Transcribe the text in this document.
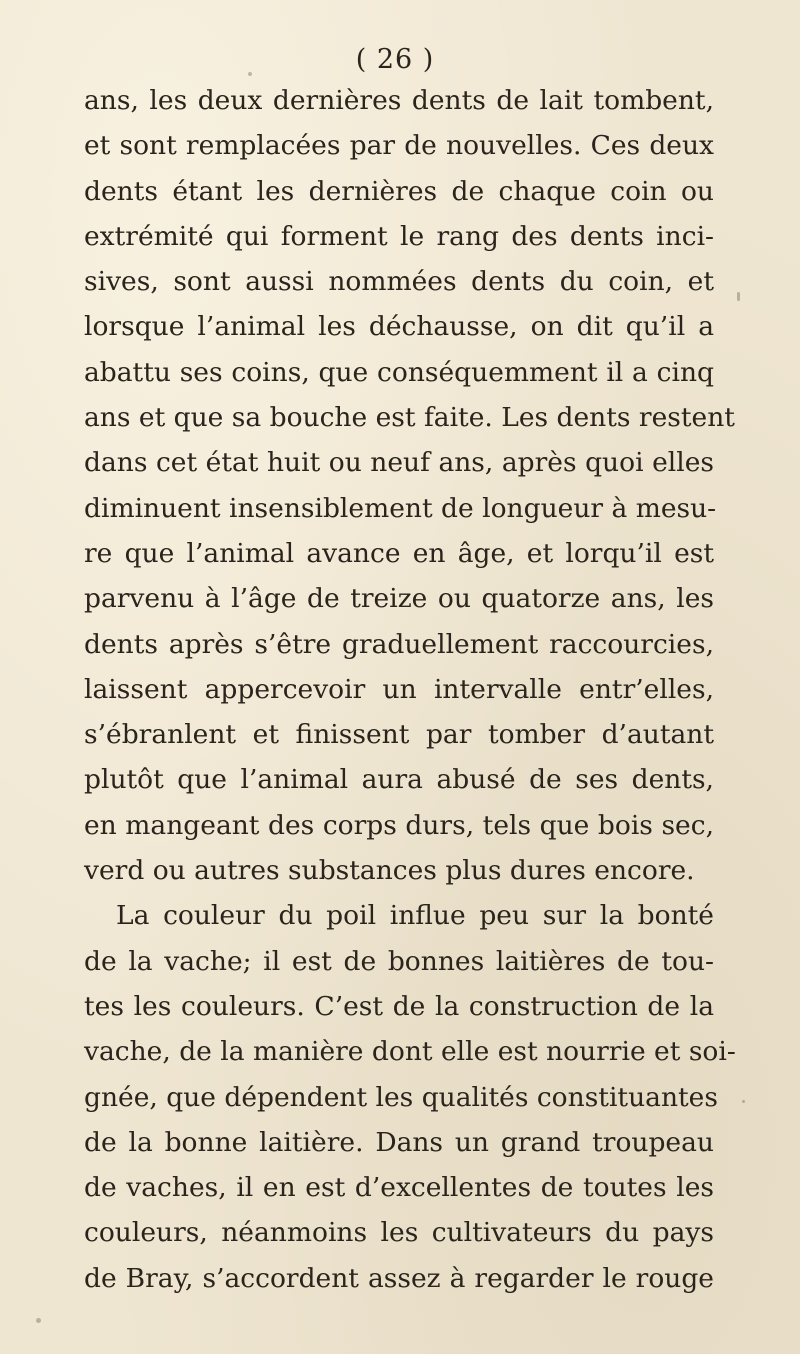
( 26 )
ans, les deux dernières dents de lait tombent,
et sont remplacées par de nouvelles. Ces deux
dents étant les dernières de chaque coin ou
extrémité qui forment le rang des dents inci-
sives, sont aussi nommées dents du coin, et
lorsque l’animal les déchausse, on dit qu’il a
abattu ses coins, que conséquemment il a cinq
ans et que sa bouche est faite. Les dents restent
dans cet état huit ou neuf ans, après quoi elles
diminuent insensiblement de longueur à mesu-
re que l’animal avance en âge, et lorqu’il est
parvenu à l’âge de treize ou quatorze ans, les
dents après s’être graduellement raccourcies,
laissent appercevoir un intervalle entr’elles,
s’ébranlent et finissent par tomber d’autant
plutôt que l’animal aura abusé de ses dents,
en mangeant des corps durs, tels que bois sec,
verd ou autres substances plus dures encore.
La couleur du poil influe peu sur la bonté
de la vache; il est de bonnes laitières de tou-
tes les couleurs. C’est de la construction de la
vache, de la manière dont elle est nourrie et soi-
gnée, que dépendent les qualités constituantes
de la bonne laitière. Dans un grand troupeau
de vaches, il en est d’excellentes de toutes les
couleurs, néanmoins les cultivateurs du pays
de Bray, s’accordent assez à regarder le rouge
